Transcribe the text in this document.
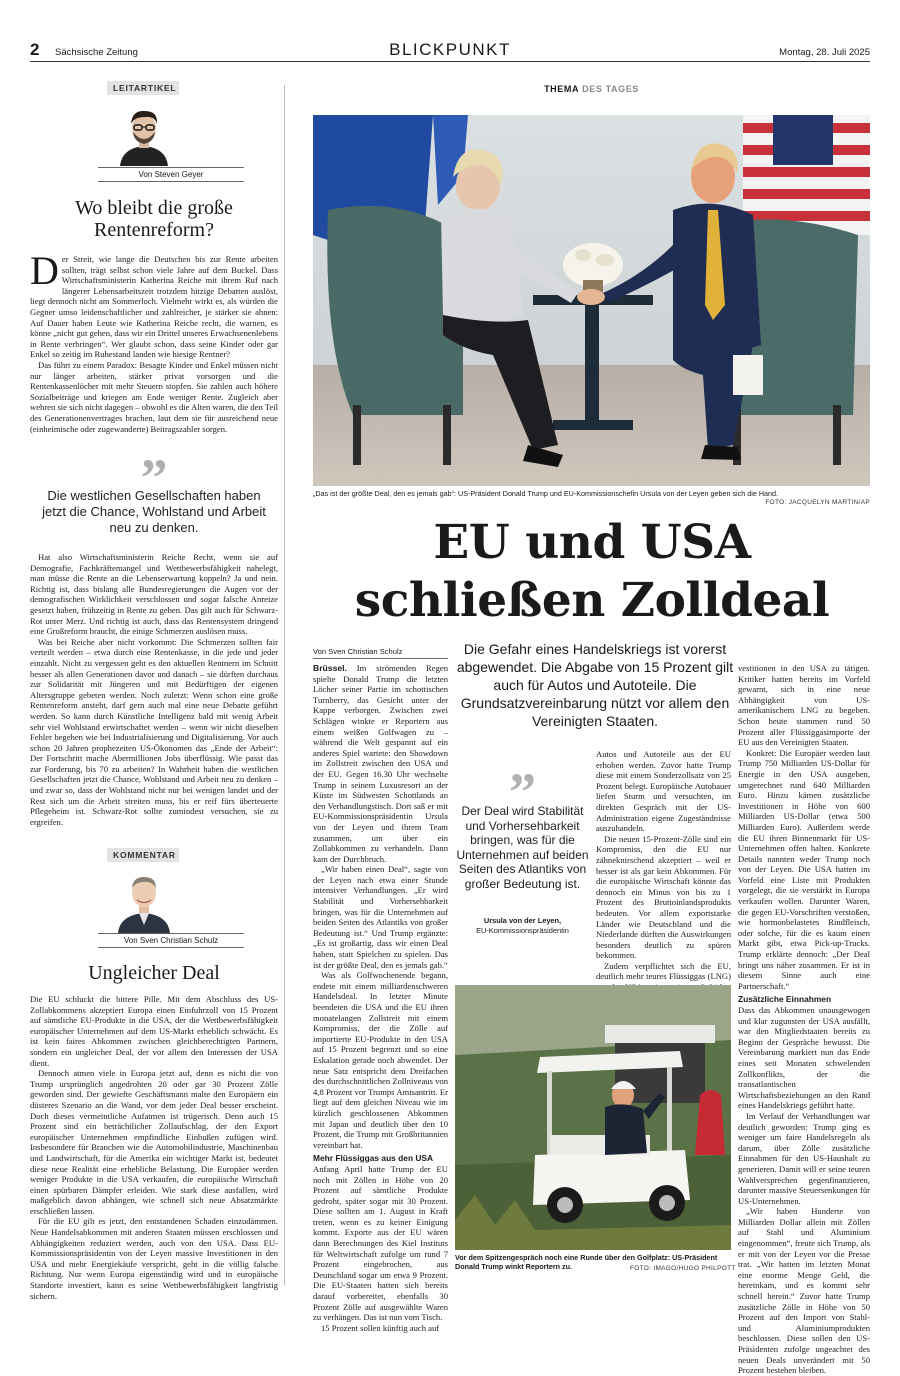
2 Sächsische Zeitung	BLICKPUNKT	Montag, 28. Juli 2025
LEITARTIKEL
Von Steven Geyer
Wo bleibt die große
Rentenreform?
D er Streit, wie lange die Deutschen bis zur Rente arbeiten sollten, trägt selbst schon viele Jahre auf dem Buckel. Dass Wirtschaftsministerin Katherina Reiche mit ihrem Ruf nach längerer Lebensarbeitszeit trotzdem hitzige Debatten auslöst, liegt dennoch nicht am Sommerloch. Vielmehr wirkt es, als würden die Gegner umso leidenschaftlicher und zahlreicher, je stärker sie ahnen: Auf Dauer haben Leute wie Katherina Reiche recht, die warnen, es könne „nicht gut gehen, dass wir ein Drittel unseres Erwachsenenlebens in Rente verbringen“. Wer glaubt schon, dass seine Kinder oder gar Enkel so zeitig im Ruhestand landen wie hiesige Rentner?

Das führt zu einem Paradox: Besagte Kinder und Enkel müssen nicht nur länger arbeiten, stärker privat vorsorgen und die Rentenkassenlöcher mit mehr Steuern stopfen. Sie zahlen auch höhere Sozialbeiträge und kriegen am Ende weniger Rente. Zugleich aber wehren sie sich nicht dagegen – obwohl es die Alten waren, die den Teil des Generationenvertrages brachen, laut dem sie für ausreichend neue (einheimische oder zugewanderte) Beitragszahler sorgen.

”
Die westlichen Gesellschaften haben jetzt die Chance, Wohlstand und Arbeit neu zu denken.

Hat also Wirtschaftsministerin Reiche Recht, wenn sie auf Demografie, Fachkräftemangel und Wettbewerbsfähigkeit nahelegt, man müsse die Rente an die Lebenserwartung koppeln? Ja und nein. Richtig ist, dass bislang alle Bundesregierungen die Augen vor der demografischen Wirklichkeit verschlossen und sogar falsche Anreize gesetzt haben, frühzeitig in Rente zu gehen. Das gilt auch für Schwarz-Rot unter Merz. Und richtig ist auch, dass das Rentensystem dringend eine Großreform braucht, die einige Schmerzen auslösen muss.

Was bei Reiche aber nicht vorkommt: Die Schmerzen sollten fair verteilt werden – etwa durch eine Rentenkasse, in die jede und jeder einzahlt. Nicht zu vergessen geht es den aktuellen Rentnern im Schnitt besser als allen Generationen davor und danach – sie dürften durchaus zur Solidarität mit Jüngeren und mit Bedürftigen der eigenen Altersgruppe gebeten werden. Noch zuletzt: Wenn schon eine große Rentenreform ansteht, darf gern auch mal eine neue Debatte geführt werden. So kann durch Künstliche Intelligenz bald mit wenig Arbeit sehr viel Wohlstand erwirtschaftet werden – wenn wir nicht dieselben Fehler begehen wie bei Industrialisierung und Digitalisierung. Vor auch schon 20 Jahren prophezeiten US-Ökonomen das „Ende der Arbeit“: Der Fortschritt mache Abermillionen Jobs überflüssig. Wie passt das zur Forderung, bis 70 zu arbeiten? In Wahrheit haben die westlichen Gesellschaften jetzt die Chance, Wohlstand und Arbeit neu zu denken – und zwar so, dass der Wohlstand nicht nur bei wenigen landet und der Rest sich um die Arbeit streiten muss, bis er reif fürs überteuerte Pflegeheim ist. Schwarz-Rot sollte zumindest versuchen, sie zu ergreifen.

KOMMENTAR
Von Sven Christian Schulz
Ungleicher Deal

Die EU schluckt die bittere Pille. Mit dem Abschluss des US-Zollabkommens akzeptiert Europa einen Einfuhrzoll von 15 Prozent auf sämtliche EU-Produkte in die USA, der die Wettbewerbsfähigkeit europäischer Unternehmen auf dem US-Markt erheblich schwächt. Es ist kein faires Abkommen zwischen gleichberechtigten Partnern, sondern ein ungleicher Deal, der vor allem den Interessen der USA dient.

Dennoch atmen viele in Europa jetzt auf, denn es nicht die von Trump ursprünglich angedrohten 20 oder gar 30 Prozent Zölle geworden sind. Der gewiefte Geschäftsmann malte den Europäern ein düsteres Szenario an die Wand, vor dem jeder Deal besser erscheint. Doch dieses vermeintliche Aufatmen ist trügerisch. Denn auch 15 Prozent sind ein beträchtlicher Zollaufschlag, der den Export europäischer Unternehmen empfindliche Einbußen zufügen wird. Insbesondere für Branchen wie die Automobilindustrie, Maschinenbau und Landwirtschaft, für die Amerika ein wichtiger Markt ist, bedeutet diese neue Realität eine erhebliche Belastung. Die Europäer werden weniger Produkte in die USA verkaufen, die europäische Wirtschaft einen spürbaren Dämpfer erleiden. Wie stark diese ausfallen, wird maßgeblich davon abhängen, wie schnell sich neue Absatzmärkte erschließen lassen.

Für die EU gilt es jetzt, den entstandenen Schaden einzudämmen. Neue Handelsabkommen mit anderen Staaten müssen erschlossen und Abhängigkeiten reduziert werden, auch von den USA. Dass EU-Kommissionspräsidentin von der Leyen massive Investitionen in den USA und mehr Energiekäufe verspricht, geht in die völlig falsche Richtung. Nur wenn Europa eigenständig wird und in europäische Standorte investiert, kann es seine Wettbewerbsfähigkeit langfristig sichern.

THEMA DES TAGES
„Das ist der größte Deal, den es jemals gab“: US-Präsident Donald Trump und EU-Kommissionschefin Ursula von der Leyen geben sich die Hand.
FOTO: JACQUELYN MARTIN/AP
EU und USA
schließen Zolldeal
Von Sven Christian Schulz	Die Gefahr eines Handelskriegs ist vorerst abgewendet. Die Abgabe von 15 Prozent gilt auch für Autos und Autoteile. Die Grundsatzvereinbarung nützt vor allem den Vereinigten Staaten.

Brüssel. Im strömenden Regen spielte Donald Trump die letzten Löcher seiner Partie im schottischen Turnberry, das Gesicht unter der Kappe verborgen. Zwischen zwei Schlägen winkte er Reportern aus einem weißen Golfwagen zu – während die Welt gespannt auf ein anderes Spiel wartete: den Showdown im Zollstreit zwischen den USA und der EU. Gegen 16.30 Uhr wechselte Trump in seinem Luxusresort an der Küste im Südwesten Schottlands an den Verhandlungstisch. Dort saß er mit EU-Kommissionspräsidentin Ursula von der Leyen und ihrem Team zusammen, um über ein Zollabkommen zu verhandeln. Dann kam der Durchbruch.

„Wir haben einen Deal“, sagte von der Leyen nach etwa einer Stunde intensiver Verhandlungen. „Er wird Stabilität und Vorhersehbarkeit bringen, was für die Unternehmen auf beiden Seiten des Atlantiks von großer Bedeutung ist.“ Und Trump ergänzte: „Es ist großartig, dass wir einen Deal haben, statt Spielchen zu spielen. Das ist der größte Deal, den es jemals gab.“

Was als Golfwochenende begann, endete mit einem milliardenschweren Handelsdeal. In letzter Minute beendeten die USA und die EU ihren monatelangen Zollstreit mit einem Kompromiss, der die Zölle auf importierte EU-Produkte in den USA auf 15 Prozent begrenzt und so eine Eskalation gerade noch abwendet. Der neue Satz entspricht dem Dreifachen des durchschnittlichen Zollniveaus von 4,8 Prozent vor Trumps Amtsantritt. Er liegt auf dem gleichen Niveau wie im kürzlich geschlossenen Abkommen mit Japan und deutlich über den 10 Prozent, die Trump mit Großbritannien vereinbart hat.

Mehr Flüssiggas aus den USA

Anfang April hatte Trump der EU noch mit Zöllen in Höhe von 20 Prozent auf sämtliche Produkte gedroht, später sogar mit 30 Prozent. Diese sollten am 1. August in Kraft treten, wenn es zu keiner Einigung kommt. Exporte aus der EU wären dann Berechnungen des Kiel Instituts für Weltwirtschaft zufolge um rund 7 Prozent eingebrochen, aus Deutschland sogar um etwa 9 Prozent. Die EU-Staaten hatten sich bereits darauf vorbereitet, ebenfalls 30 Prozent Zölle auf ausgewählte Waren zu verhängen. Das ist nun vom Tisch.

15 Prozent sollen künftig auch auf

”
Der Deal wird Stabilität und Vorhersehbarkeit bringen, was für die Unternehmen auf beiden Seiten des Atlantiks von großer Bedeutung ist.
Ursula von der Leyen,
EU-Kommissionspräsidentin

Autos und Autoteile aus der EU erhoben werden. Zuvor hatte Trump diese mit einem Sonderzollsatz von 25 Prozent belegt. Europäische Autobauer liefen Sturm und versuchten, im direkten Gespräch mit der US-Administration eigene Zugeständnisse auszuhandeln.

Die neuen 15-Prozent-Zölle sind ein Kompromiss, den die EU nur zähneknirschend akzeptiert – weil er besser ist als gar kein Abkommen. Für die europäische Wirtschaft könnte das dennoch ein Minus von bis zu 1 Prozent des Bruttoinlandsprodukts bedeuten. Vor allem exportstarke Länder wie Deutschland und die Niederlande dürften die Auswirkungen besonders deutlich zu spüren bekommen.

Zudem verpflichtet sich die EU, deutlich mehr teures Flüssiggas (LNG)

Vor dem Spitzengespräch noch eine Runde über den Golfplatz: US-Präsident Donald Trump winkt Reportern zu.	FOTO: IMAGO/HUGO PHILPOTT

vestitionen in den USA zu tätigen. Kritiker hatten bereits im Vorfeld gewarnt, sich in eine neue Abhängigkeit von US-amerikanischem LNG zu begeben. Schon heute stammen rund 50 Prozent aller Flüssiggasimporte der EU aus den Vereinigten Staaten.

Konkret: Die Europäer werden laut Trump 750 Milliarden US-Dollar für Energie in den USA ausgeben, umgerechnet rund 640 Milliarden Euro. Hinzu kämen zusätzliche Investitionen in Höhe von 600 Milliarden US-Dollar (etwa 500 Milliarden Euro). Außerdem werde die EU ihren Binnenmarkt für US-Unternehmen offen halten. Konkrete Details nannten weder Trump noch von der Leyen. Die USA hatten im Vorfeld eine Liste mit Produkten vorgelegt, die sie verstärkt in Europa verkaufen wollen. Darunter Waren, die gegen EU-Vorschriften verstoßen, wie hormonbelastetes Rindfleisch, oder solche, für die es kaum einen Markt gibt, etwa Pick-up-Trucks. Trump erklärte dennoch: „Der Deal bringt uns näher zusammen. Er ist in diesem Sinne auch eine Partnerschaft.“

Zusätzliche Einnahmen

Dass das Abkommen unausgewogen und klar zugunsten der USA ausfällt, war den Mitgliedstaaten bereits zu Beginn der Gespräche bewusst. Die Vereinbarung markiert nun das Ende eines seit Monaten schwelenden Zollkonflikts, der die transatlantischen Wirtschaftsbeziehungen an den Rand eines Handelskriegs geführt hatte.

Im Verlauf der Verhandlungen war deutlich geworden: Trump ging es weniger um faire Handelsregeln als darum, über Zölle zusätzliche Einnahmen für den US-Haushalt zu generieren. Damit will er seine teuren Wahlversprechen gegenfinanzieren, darunter massive Steuersenkungen für US-Unternehmen.

„Wir haben Hunderte von Milliarden Dollar allein mit Zöllen auf Stahl und Aluminium eingenommen“, freute sich Trump, als er mit von der Leyen vor die Presse trat. „Wir hatten im letzten Monat eine enorme Menge Geld, die hereinkam, und es kommt sehr schnell herein.“ Zuvor hatte Trump zusätzliche Zölle in Höhe von 50 Prozent auf den Import von Stahl- und Aluminiumprodukten beschlossen. Diese sollen den US-Präsidenten zufolge ungeachtet des neuen Deals unverändert mit 50 Prozent bestehen bleiben.
